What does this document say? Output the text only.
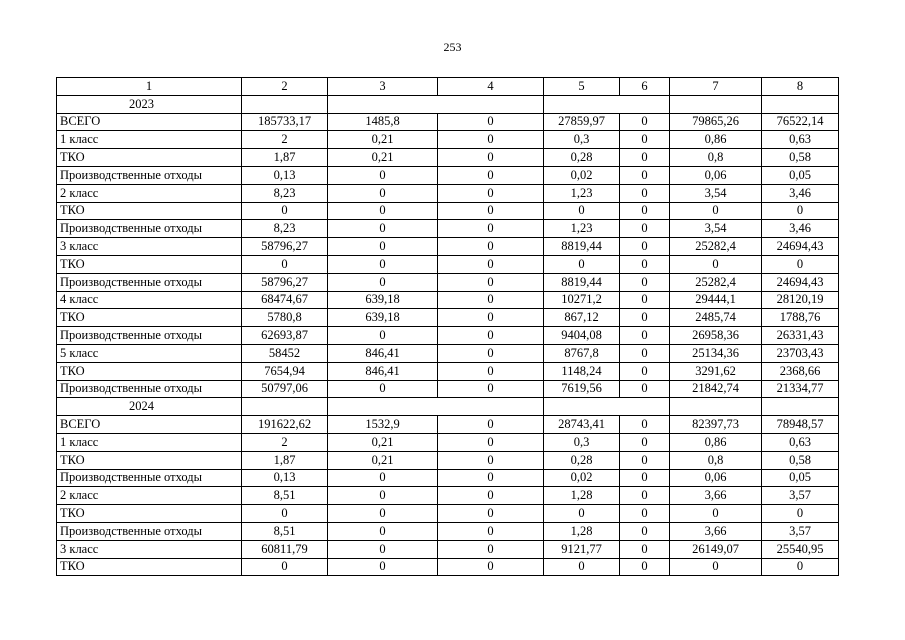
253
1	2	3	4	5	6	7	8
2023							
ВСЕГО	185733,17	1485,8	0	27859,97	0	79865,26	76522,14
1 класс	2	0,21	0	0,3	0	0,86	0,63
ТКО	1,87	0,21	0	0,28	0	0,8	0,58
Производственные отходы	0,13	0	0	0,02	0	0,06	0,05
2 класс	8,23	0	0	1,23	0	3,54	3,46
ТКО	0	0	0	0	0	0	0
Производственные отходы	8,23	0	0	1,23	0	3,54	3,46
3 класс	58796,27	0	0	8819,44	0	25282,4	24694,43
ТКО	0	0	0	0	0	0	0
Производственные отходы	58796,27	0	0	8819,44	0	25282,4	24694,43
4 класс	68474,67	639,18	0	10271,2	0	29444,1	28120,19
ТКО	5780,8	639,18	0	867,12	0	2485,74	1788,76
Производственные отходы	62693,87	0	0	9404,08	0	26958,36	26331,43
5 класс	58452	846,41	0	8767,8	0	25134,36	23703,43
ТКО	7654,94	846,41	0	1148,24	0	3291,62	2368,66
Производственные отходы	50797,06	0	0	7619,56	0	21842,74	21334,77
2024							
ВСЕГО	191622,62	1532,9	0	28743,41	0	82397,73	78948,57
1 класс	2	0,21	0	0,3	0	0,86	0,63
ТКО	1,87	0,21	0	0,28	0	0,8	0,58
Производственные отходы	0,13	0	0	0,02	0	0,06	0,05
2 класс	8,51	0	0	1,28	0	3,66	3,57
ТКО	0	0	0	0	0	0	0
Производственные отходы	8,51	0	0	1,28	0	3,66	3,57
3 класс	60811,79	0	0	9121,77	0	26149,07	25540,95
ТКО	0	0	0	0	0	0	0
